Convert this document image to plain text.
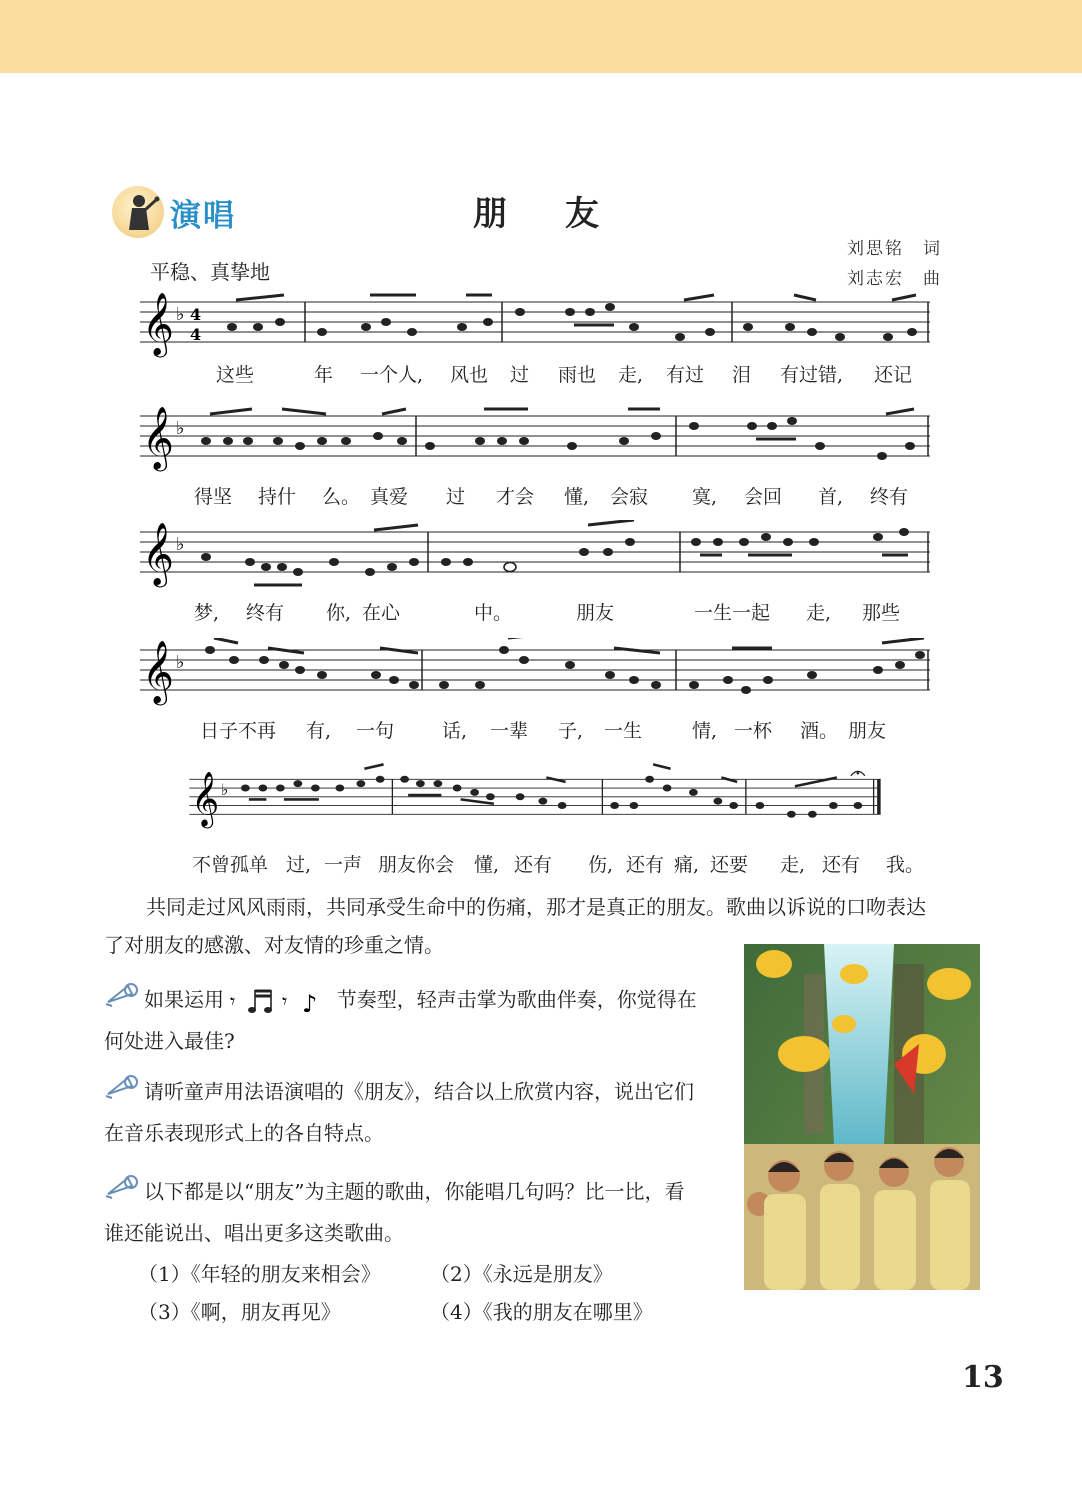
演唱	朋友
刘思铭　词
刘志宏　曲
平稳、真挚地
𝄞 ♭ 4
4
这些	年 一个人, 风也 过 雨也 走, 有过 泪 有过错, 还记
𝄞 ♭
得坚 持什 么。 真爱 过 才会 懂, 会寂 寞, 会回 首, 终有
𝄞 ♭
梦, 终有 你, 在心	中。	朋友	一生一起 走, 那些
𝄞 ♭
日子不再 有, 一句	话, 一辈 子, 一生	情, 一杯 酒。 朋友
𝄞 ♭
不曾孤单 过, 一声 朋友你会 懂, 还有 伤, 还有 痛, 还要 走, 还有 我。
共同走过风风雨雨，共同承受生命中的伤痛，那才是真正的朋友。歌曲以诉说的口吻表达了对朋友的感激、对友情的珍重之情。
如果运用 𝄾 𝄾 ♪ 节奏型，轻声击掌为歌曲伴奏，你觉得在何处进入最佳?
请听童声用法语演唱的《朋友》，结合以上欣赏内容，说出它们在音乐表现形式上的各自特点。
以下都是以“朋友”为主题的歌曲，你能唱几句吗？比一比，看谁还能说出、唱出更多这类歌曲。
（1）《年轻的朋友来相会》 （2）《永远是朋友》
（3）《啊，朋友再见》	（4）《我的朋友在哪里》
13
